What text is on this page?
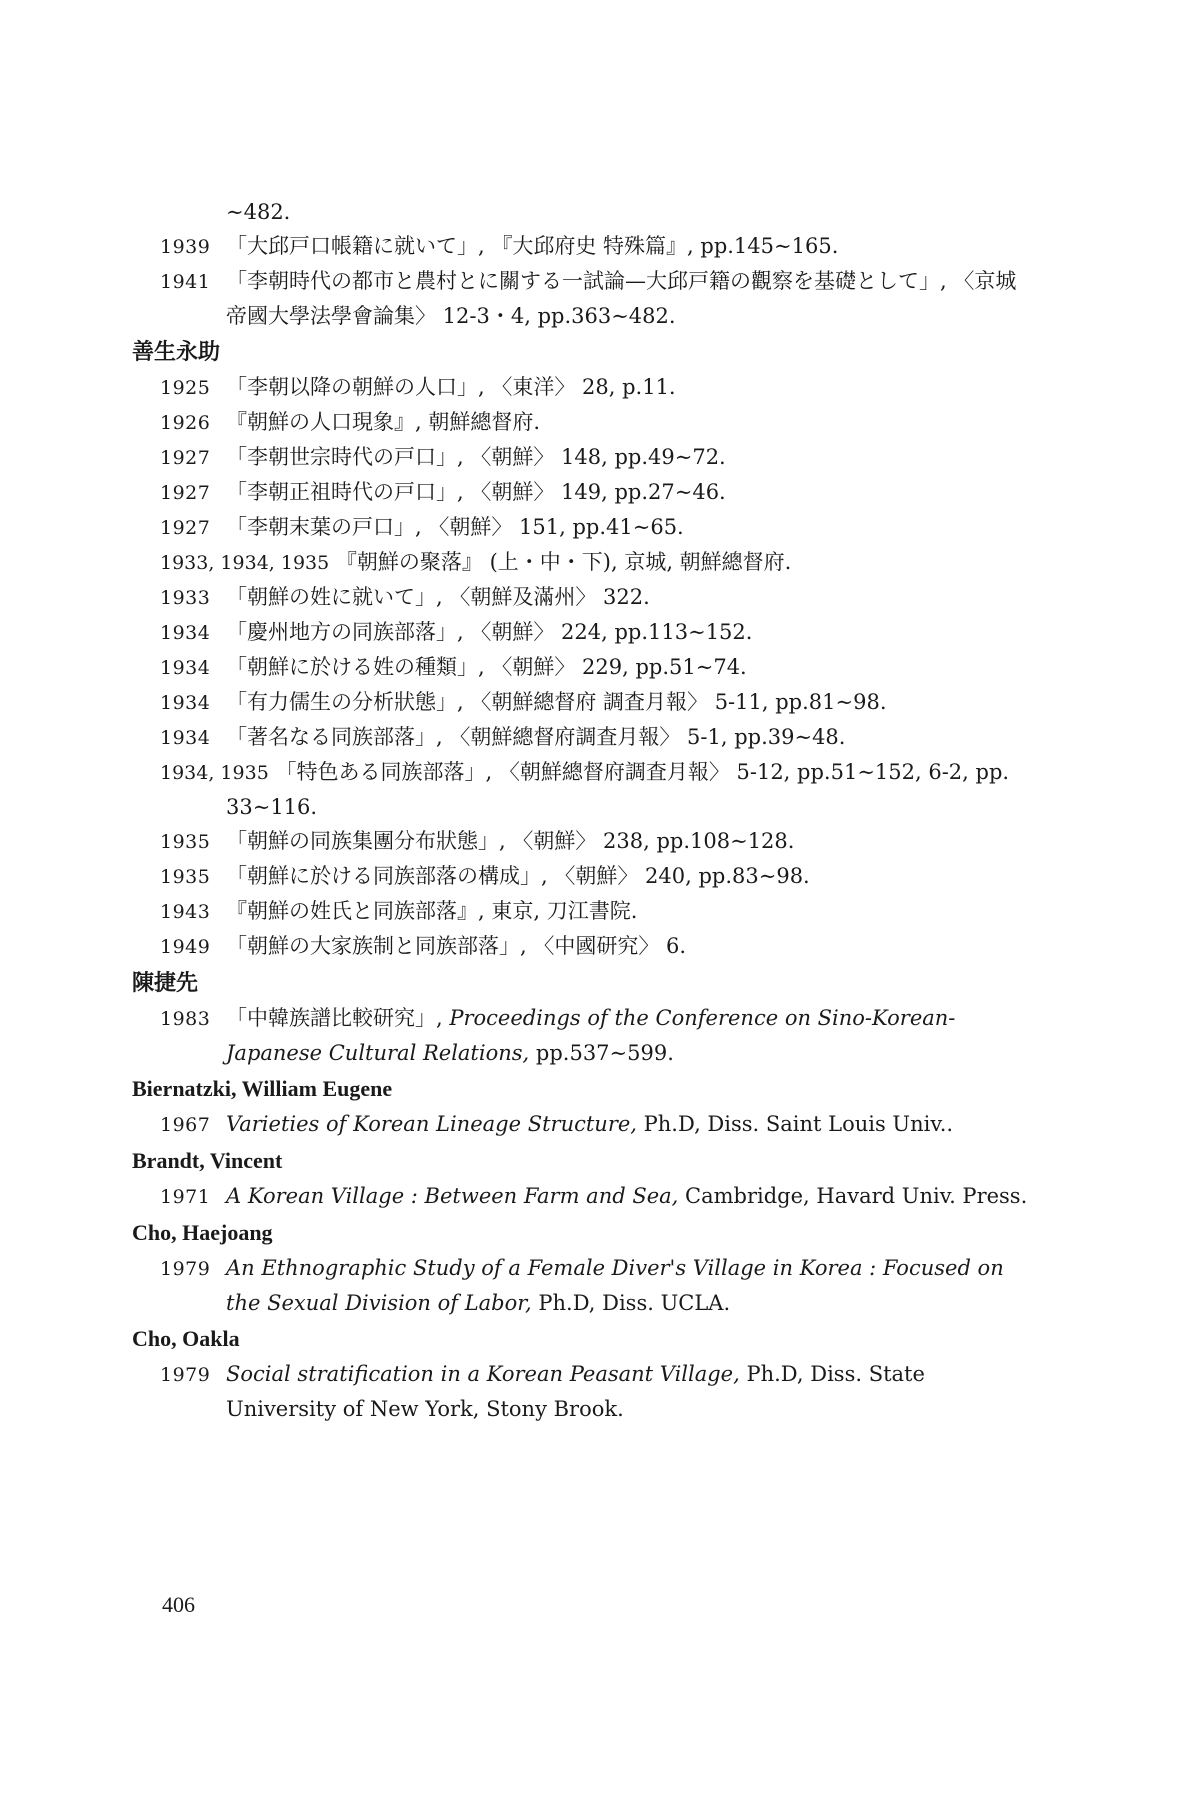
∼482.
1939 「大邱戸口帳籍に就いて」, 『大邱府史 特殊篇』, pp.145∼165.
1941 「李朝時代の都市と農村とに關する一試論—大邱戸籍の觀察を基礎として」, 〈京城帝國大學法學會論集〉 12-3・4, pp.363∼482.
善生永助
1925 「李朝以降の朝鮮の人口」, 〈東洋〉 28, p.11.
1926 『朝鮮の人口現象』, 朝鮮總督府.
1927 「李朝世宗時代の戸口」, 〈朝鮮〉 148, pp.49∼72.
1927 「李朝正祖時代の戸口」, 〈朝鮮〉 149, pp.27∼46.
1927 「李朝末葉の戸口」, 〈朝鮮〉 151, pp.41∼65.
1933, 1934, 1935 『朝鮮の聚落』 (上・中・下), 京城, 朝鮮總督府.
1933 「朝鮮の姓に就いて」, 〈朝鮮及滿州〉 322.
1934 「慶州地方の同族部落」, 〈朝鮮〉 224, pp.113∼152.
1934 「朝鮮に於ける姓の種類」, 〈朝鮮〉 229, pp.51∼74.
1934 「有力儒生の分析狀態」, 〈朝鮮總督府 調査月報〉 5-11, pp.81∼98.
1934 「著名なる同族部落」, 〈朝鮮總督府調査月報〉 5-1, pp.39∼48.
1934, 1935 「特色ある同族部落」, 〈朝鮮總督府調査月報〉 5-12, pp.51∼152, 6-2, pp. 33∼116.
1935 「朝鮮の同族集團分布狀態」, 〈朝鮮〉 238, pp.108∼128.
1935 「朝鮮に於ける同族部落の構成」, 〈朝鮮〉 240, pp.83∼98.
1943 『朝鮮の姓氏と同族部落』, 東京, 刀江書院.
1949 「朝鮮の大家族制と同族部落」, 〈中國研究〉 6.
陳捷先
1983 「中韓族譜比較研究」, Proceedings of the Conference on Sino-Korean-Japanese Cultural Relations, pp.537∼599.
Biernatzki, William Eugene
1967 Varieties of Korean Lineage Structure, Ph.D, Diss. Saint Louis Univ..
Brandt, Vincent
1971 A Korean Village : Between Farm and Sea, Cambridge, Havard Univ. Press.
Cho, Haejoang
1979 An Ethnographic Study of a Female Diver's Village in Korea : Focused on the Sexual Division of Labor, Ph.D, Diss. UCLA.
Cho, Oakla
1979 Social stratification in a Korean Peasant Village, Ph.D, Diss. State University of New York, Stony Brook.
406
